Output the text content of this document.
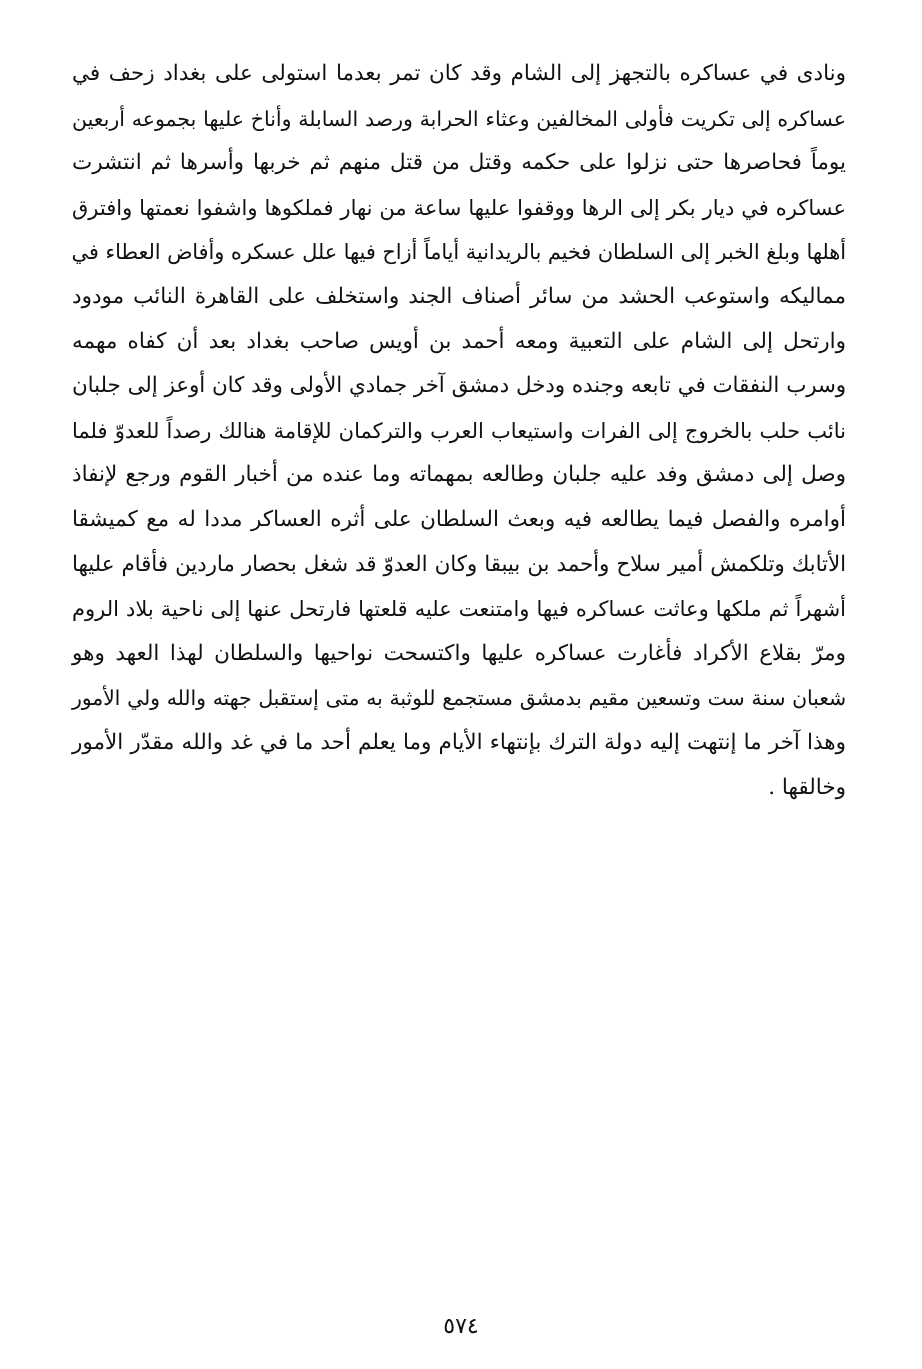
ونادى في عساكره بالتجهز إلى الشام وقد كان تمر بعدما استولى على بغداد زحف في
عساكره إلى تكريت فأولى المخالفين وعثاء الحرابة ورصد السابلة وأناخ عليها بجموعه أربعين
يوماً فحاصرها حتى نزلوا على حكمه وقتل من قتل منهم ثم خربها وأسرها ثم انتشرت
عساكره في ديار بكر إلى الرها ووقفوا عليها ساعة من نهار فملكوها واشفوا نعمتها وافترق
أهلها وبلغ الخبر إلى السلطان فخيم بالريدانية أياماً أزاح فيها علل عسكره وأفاض العطاء في
مماليكه واستوعب الحشد من سائر أصناف الجند واستخلف على القاهرة النائب مودود
وارتحل إلى الشام على التعبية ومعه أحمد بن أويس صاحب بغداد بعد أن كفاه مهمه
وسرب النفقات في تابعه وجنده ودخل دمشق آخر جمادي الأولى وقد كان أوعز إلى جلبان
نائب حلب بالخروج إلى الفرات واستيعاب العرب والتركمان للإقامة هنالك رصداً للعدوّ فلما
وصل إلى دمشق وفد عليه جلبان وطالعه بمهماته وما عنده من أخبار القوم ورجع لإنفاذ
أوامره والفصل فيما يطالعه فيه وبعث السلطان على أثره العساكر مددا له مع كميشقا
الأتابك وتلكمش أمير سلاح وأحمد بن بيبقا وكان العدوّ قد شغل بحصار ماردين فأقام عليها
أشهراً ثم ملكها وعاثت عساكره فيها وامتنعت عليه قلعتها فارتحل عنها إلى ناحية بلاد الروم
ومرّ بقلاع الأكراد فأغارت عساكره عليها واكتسحت نواحيها والسلطان لهذا العهد وهو
شعبان سنة ست وتسعين مقيم بدمشق مستجمع للوثبة به متى إستقبل جهته والله ولي الأمور
وهذا آخر ما إنتهت إليه دولة الترك بإنتهاء الأيام وما يعلم أحد ما في غد والله مقدّر الأمور
وخالقها .
٥٧٤
